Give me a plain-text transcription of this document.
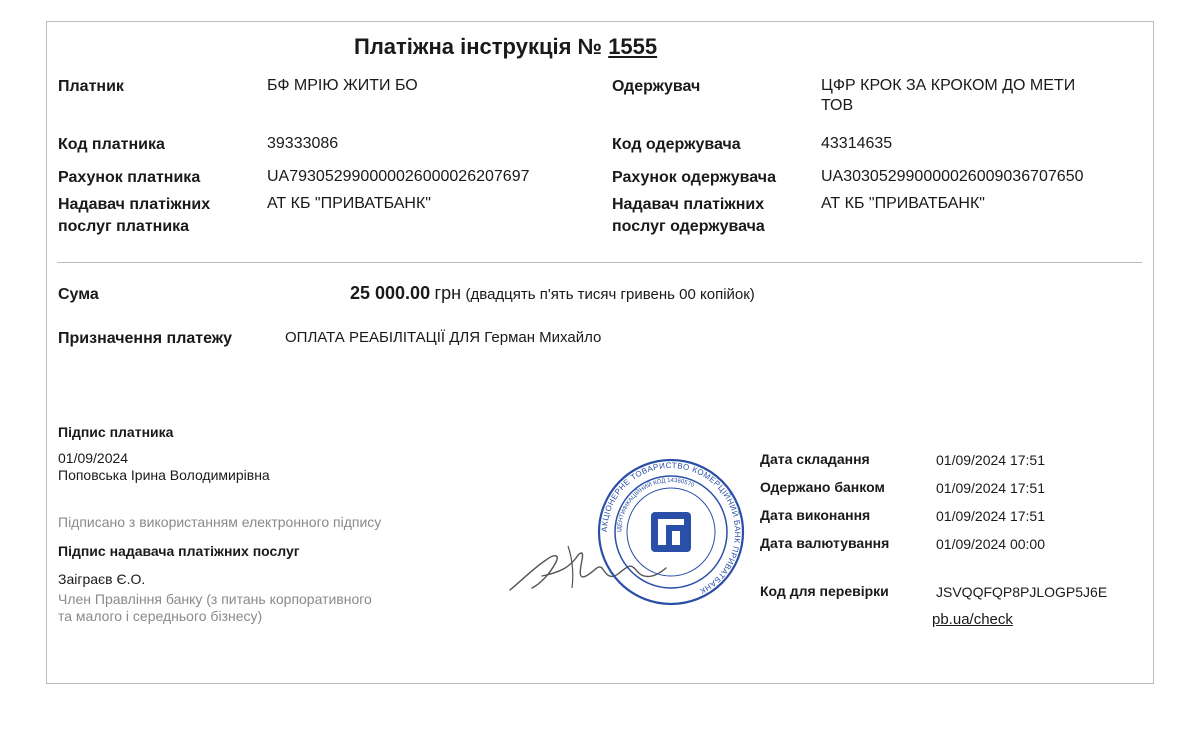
Платіжна інструкція № 1555
Платник	БФ МРІЮ ЖИТИ БО
Код платника	39333086
Рахунок платника	UA793052990000026000026207697
Надавач платіжних
послуг платника
АТ КБ "ПРИВАТБАНК"
Одержувач	ЦФР КРОК ЗА КРОКОМ ДО МЕТИ
ТОВ
Код одержувача	43314635
Рахунок одержувача	UA303052990000026009036707650
Надавач платіжних
послуг одержувача
АТ КБ "ПРИВАТБАНК"
Сума	25 000.00 грн (двадцять п'ять тисяч гривень 00 копійок)
Призначення платежу	ОПЛАТА РЕАБІЛІТАЦІЇ ДЛЯ Герман Михайло
Підпис платника
01/09/2024
Поповська Ірина Володимирівна
Підписано з використанням електронного підпису
Підпис надавача платіжних послуг
Заіграєв Є.О.
Член Правління банку (з питань корпоративного
та малого і середнього бізнесу)
АКЦІОНЕРНЕ ТОВАРИСТВО КОМЕРЦІЙНИЙ БАНК ПРИВАТБАНК
ІДЕНТИФІКАЦІЙНИЙ КОД 14360570
Дата складання	01/09/2024 17:51
Одержано банком	01/09/2024 17:51
Дата виконання	01/09/2024 17:51
Дата валютування	01/09/2024 00:00
Код для перевірки	JSVQQFQP8PJLOGP5J6E
pb.ua/check
